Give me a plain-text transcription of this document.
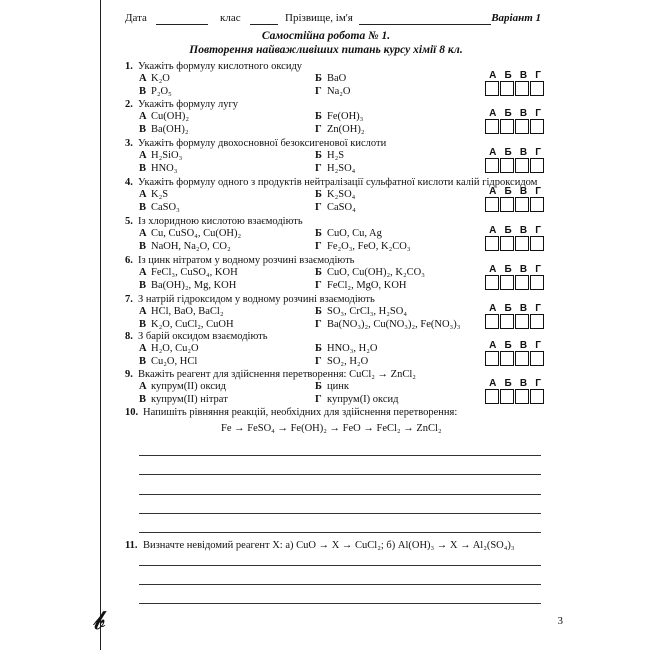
Дата	клас	Прізвище, ім'я	Варіант 1
Самостійна робота № 1.
Повторення найважливіших питань курсу хімії 8 кл.
1. Укажіть формулу кислотного оксиду
А K₂O	Б BaO
В P₂O₅	Г Na₂O
А Б В Г
2. Укажіть формулу лугу
А Cu(OH)₂	Б Fe(OH)₃
В Ba(OH)₂	Г Zn(OH)₂
А Б В Г
3. Укажіть формулу двохосновної безоксигенової кислоти
А H₂SiO₃	Б H₂S
В HNO₃	Г H₂SO₄
А Б В Г
4. Укажіть формулу одного з продуктів нейтралізації сульфатної кислоти калій гідроксидом
А K₂S	Б K₂SO₄
В CaSO₃	Г CaSO₄
А Б В Г
5. Із хлоридною кислотою взаємодіють
А Cu, CuSO₄, Cu(OH)₂	Б CuO, Cu, Ag
В NaOH, Na₂O, CO₂	Г Fe₂O₃, FeO, K₂CO₃
А Б В Г
6. Із цинк нітратом у водному розчині взаємодіють
А FeCl₃, CuSO₄, KOH	Б CuO, Cu(OH)₂, K₂CO₃
В Ba(OH)₂, Mg, KOH	Г FeCl₂, MgO, KOH
А Б В Г
7. З натрій гідроксидом у водному розчині взаємодіють
А HCl, BaO, BaCl₂	Б SO₃, CrCl₃, H₂SO₄
В K₂O, CuCl₂, CuOH	Г Ba(NO₃)₂, Cu(NO₃)₂, Fe(NO₃)₃
А Б В Г
8. З барій оксидом взаємодіють
А H₂O, Cu₂O	Б HNO₃, H₂O
В Cu₂O, HCl	Г SO₂, H₂O
А Б В Г
9. Вкажіть реагент для здійснення перетворення: CuCl₂ → ZnCl₂
А купрум(II) оксид	Б цинк
В купрум(II) нітрат	Г купрум(I) оксид
А Б В Г
10. Напишіть рівняння реакцій, необхідних для здійснення перетворення:
Fe → FeSO₄ → Fe(OH)₂ → FeO → FeCl₂ → ZnCl₂
11. Визначте невідомий реагент X: а) CuO → X → CuCl₂; б) Al(OH)₃ → X → Al₂(SO₄)₃
3
𝓫
